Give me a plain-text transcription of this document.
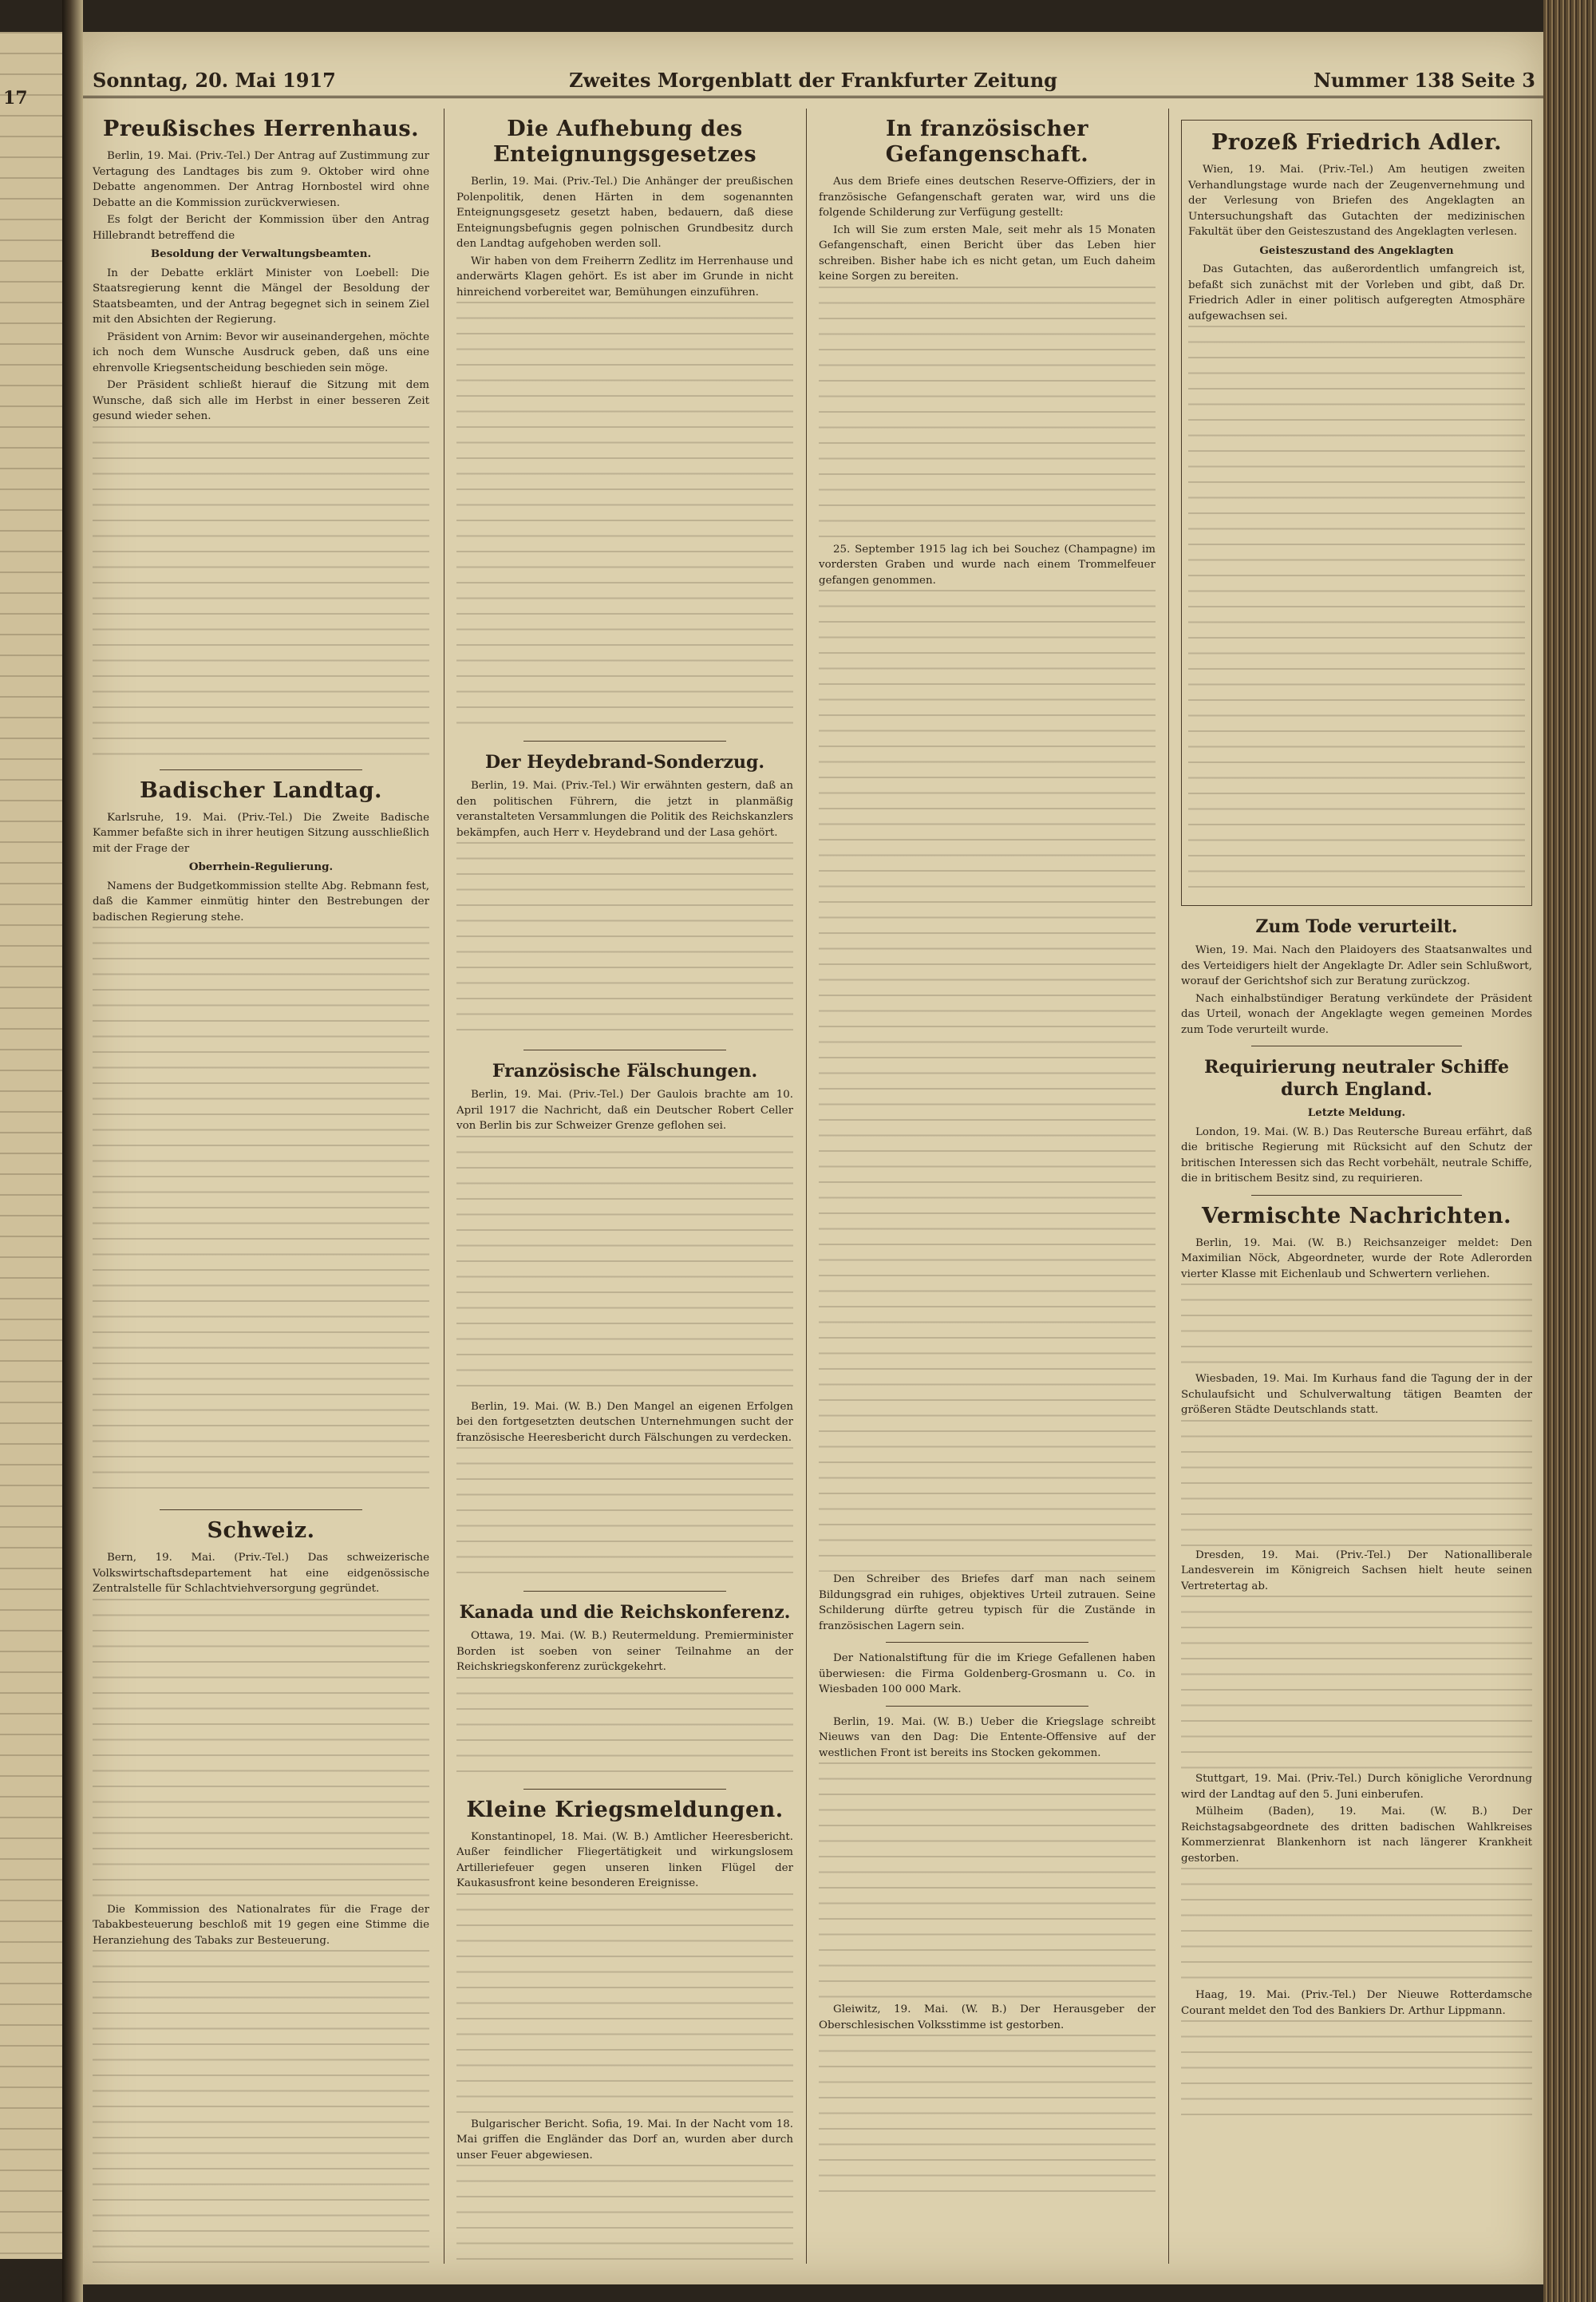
17
Sonntag, 20. Mai 1917	Zweites Morgenblatt der Frankfurter Zeitung	Nummer 138 Seite 3
Preußisches Herrenhaus.

Berlin, 19. Mai. (Priv.-Tel.) Der Antrag auf Zustimmung zur Vertagung des Landtages bis zum 9. Oktober wird ohne Debatte angenommen. Der Antrag Hornbostel wird ohne Debatte an die Kommission zurückverwiesen.

Es folgt der Bericht der Kommission über den Antrag Hillebrandt betreffend die

Besoldung der Verwaltungsbeamten.

In der Debatte erklärt Minister von Loebell: Die Staatsregierung kennt die Mängel der Besoldung der Staatsbeamten, und der Antrag begegnet sich in seinem Ziel mit den Absichten der Regierung.

Präsident von Arnim: Bevor wir auseinandergehen, möchte ich noch dem Wunsche Ausdruck geben, daß uns eine ehrenvolle Kriegsentscheidung beschieden sein möge.

Der Präsident schließt hierauf die Sitzung mit dem Wunsche, daß sich alle im Herbst in einer besseren Zeit gesund wieder sehen.

Badischer Landtag.

Karlsruhe, 19. Mai. (Priv.-Tel.) Die Zweite Badische Kammer befaßte sich in ihrer heutigen Sitzung ausschließlich mit der Frage der

Oberrhein-Regulierung.

Namens der Budgetkommission stellte Abg. Rebmann fest, daß die Kammer einmütig hinter den Bestrebungen der badischen Regierung stehe.

Schweiz.

Bern, 19. Mai. (Priv.-Tel.) Das schweizerische Volkswirtschaftsdepartement hat eine eidgenössische Zentralstelle für Schlachtviehversorgung gegründet.

Die Kommission des Nationalrates für die Frage der Tabakbesteuerung beschloß mit 19 gegen eine Stimme die Heranziehung des Tabaks zur Besteuerung.

Die Aufhebung des Enteignungsgesetzes

Berlin, 19. Mai. (Priv.-Tel.) Die Anhänger der preußischen Polenpolitik, denen Härten in dem sogenannten Enteignungsgesetz gesetzt haben, bedauern, daß diese Enteignungsbefugnis gegen polnischen Grundbesitz durch den Landtag aufgehoben werden soll.

Wir haben von dem Freiherrn Zedlitz im Herrenhause und anderwärts Klagen gehört. Es ist aber im Grunde in nicht hinreichend vorbereitet war, Bemühungen einzuführen.

Der Heydebrand-Sonderzug.

Berlin, 19. Mai. (Priv.-Tel.) Wir erwähnten gestern, daß an den politischen Führern, die jetzt in planmäßig veranstalteten Versammlungen die Politik des Reichskanzlers bekämpfen, auch Herr v. Heydebrand und der Lasa gehört.

Französische Fälschungen.

Berlin, 19. Mai. (Priv.-Tel.) Der Gaulois brachte am 10. April 1917 die Nachricht, daß ein Deutscher Robert Celler von Berlin bis zur Schweizer Grenze geflohen sei.

Berlin, 19. Mai. (W. B.) Den Mangel an eigenen Erfolgen bei den fortgesetzten deutschen Unternehmungen sucht der französische Heeresbericht durch Fälschungen zu verdecken.

Kanada und die Reichskonferenz.

Ottawa, 19. Mai. (W. B.) Reutermeldung. Premierminister Borden ist soeben von seiner Teilnahme an der Reichskriegskonferenz zurückgekehrt.

Kleine Kriegsmeldungen.

Konstantinopel, 18. Mai. (W. B.) Amtlicher Heeresbericht. Außer feindlicher Fliegertätigkeit und wirkungslosem Artilleriefeuer gegen unseren linken Flügel der Kaukasusfront keine besonderen Ereignisse.

Bulgarischer Bericht. Sofia, 19. Mai. In der Nacht vom 18. Mai griffen die Engländer das Dorf an, wurden aber durch unser Feuer abgewiesen.

In französischer Gefangenschaft.

Aus dem Briefe eines deutschen Reserve-Offiziers, der in französische Gefangenschaft geraten war, wird uns die folgende Schilderung zur Verfügung gestellt:

Ich will Sie zum ersten Male, seit mehr als 15 Monaten Gefangenschaft, einen Bericht über das Leben hier schreiben. Bisher habe ich es nicht getan, um Euch daheim keine Sorgen zu bereiten.

25. September 1915 lag ich bei Souchez (Champagne) im vordersten Graben und wurde nach einem Trommelfeuer gefangen genommen.

Den Schreiber des Briefes darf man nach seinem Bildungsgrad ein ruhiges, objektives Urteil zutrauen. Seine Schilderung dürfte getreu typisch für die Zustände in französischen Lagern sein.

Der Nationalstiftung für die im Kriege Gefallenen haben überwiesen: die Firma Goldenberg-Grosmann u. Co. in Wiesbaden 100 000 Mark.

Berlin, 19. Mai. (W. B.) Ueber die Kriegslage schreibt Nieuws van den Dag: Die Entente-Offensive auf der westlichen Front ist bereits ins Stocken gekommen.

Gleiwitz, 19. Mai. (W. B.) Der Herausgeber der Oberschlesischen Volksstimme ist gestorben.

Prozeß Friedrich Adler.

Wien, 19. Mai. (Priv.-Tel.) Am heutigen zweiten Verhandlungstage wurde nach der Zeugenvernehmung und der Verlesung von Briefen des Angeklagten an Untersuchungshaft das Gutachten der medizinischen Fakultät über den Geisteszustand des Angeklagten verlesen.

Geisteszustand des Angeklagten

Das Gutachten, das außerordentlich umfangreich ist, befaßt sich zunächst mit der Vorleben und gibt, daß Dr. Friedrich Adler in einer politisch aufgeregten Atmosphäre aufgewachsen sei.

Zum Tode verurteilt.

Wien, 19. Mai. Nach den Plaidoyers des Staatsanwaltes und des Verteidigers hielt der Angeklagte Dr. Adler sein Schlußwort, worauf der Gerichtshof sich zur Beratung zurückzog.

Nach einhalbstündiger Beratung verkündete der Präsident das Urteil, wonach der Angeklagte wegen gemeinen Mordes zum Tode verurteilt wurde.

Requirierung neutraler Schiffe durch England.
Letzte Meldung.

London, 19. Mai. (W. B.) Das Reutersche Bureau erfährt, daß die britische Regierung mit Rücksicht auf den Schutz der britischen Interessen sich das Recht vorbehält, neutrale Schiffe, die in britischem Besitz sind, zu requirieren.

Vermischte Nachrichten.

Berlin, 19. Mai. (W. B.) Reichsanzeiger meldet: Den Maximilian Nöck, Abgeordneter, wurde der Rote Adlerorden vierter Klasse mit Eichenlaub und Schwertern verliehen.

Wiesbaden, 19. Mai. Im Kurhaus fand die Tagung der in der Schulaufsicht und Schulverwaltung tätigen Beamten der größeren Städte Deutschlands statt.

Dresden, 19. Mai. (Priv.-Tel.) Der Nationalliberale Landesverein im Königreich Sachsen hielt heute seinen Vertretertag ab.

Stuttgart, 19. Mai. (Priv.-Tel.) Durch königliche Verordnung wird der Landtag auf den 5. Juni einberufen.

Mülheim (Baden), 19. Mai. (W. B.) Der Reichstagsabgeordnete des dritten badischen Wahlkreises Kommerzienrat Blankenhorn ist nach längerer Krankheit gestorben.

Haag, 19. Mai. (Priv.-Tel.) Der Nieuwe Rotterdamsche Courant meldet den Tod des Bankiers Dr. Arthur Lippmann.
